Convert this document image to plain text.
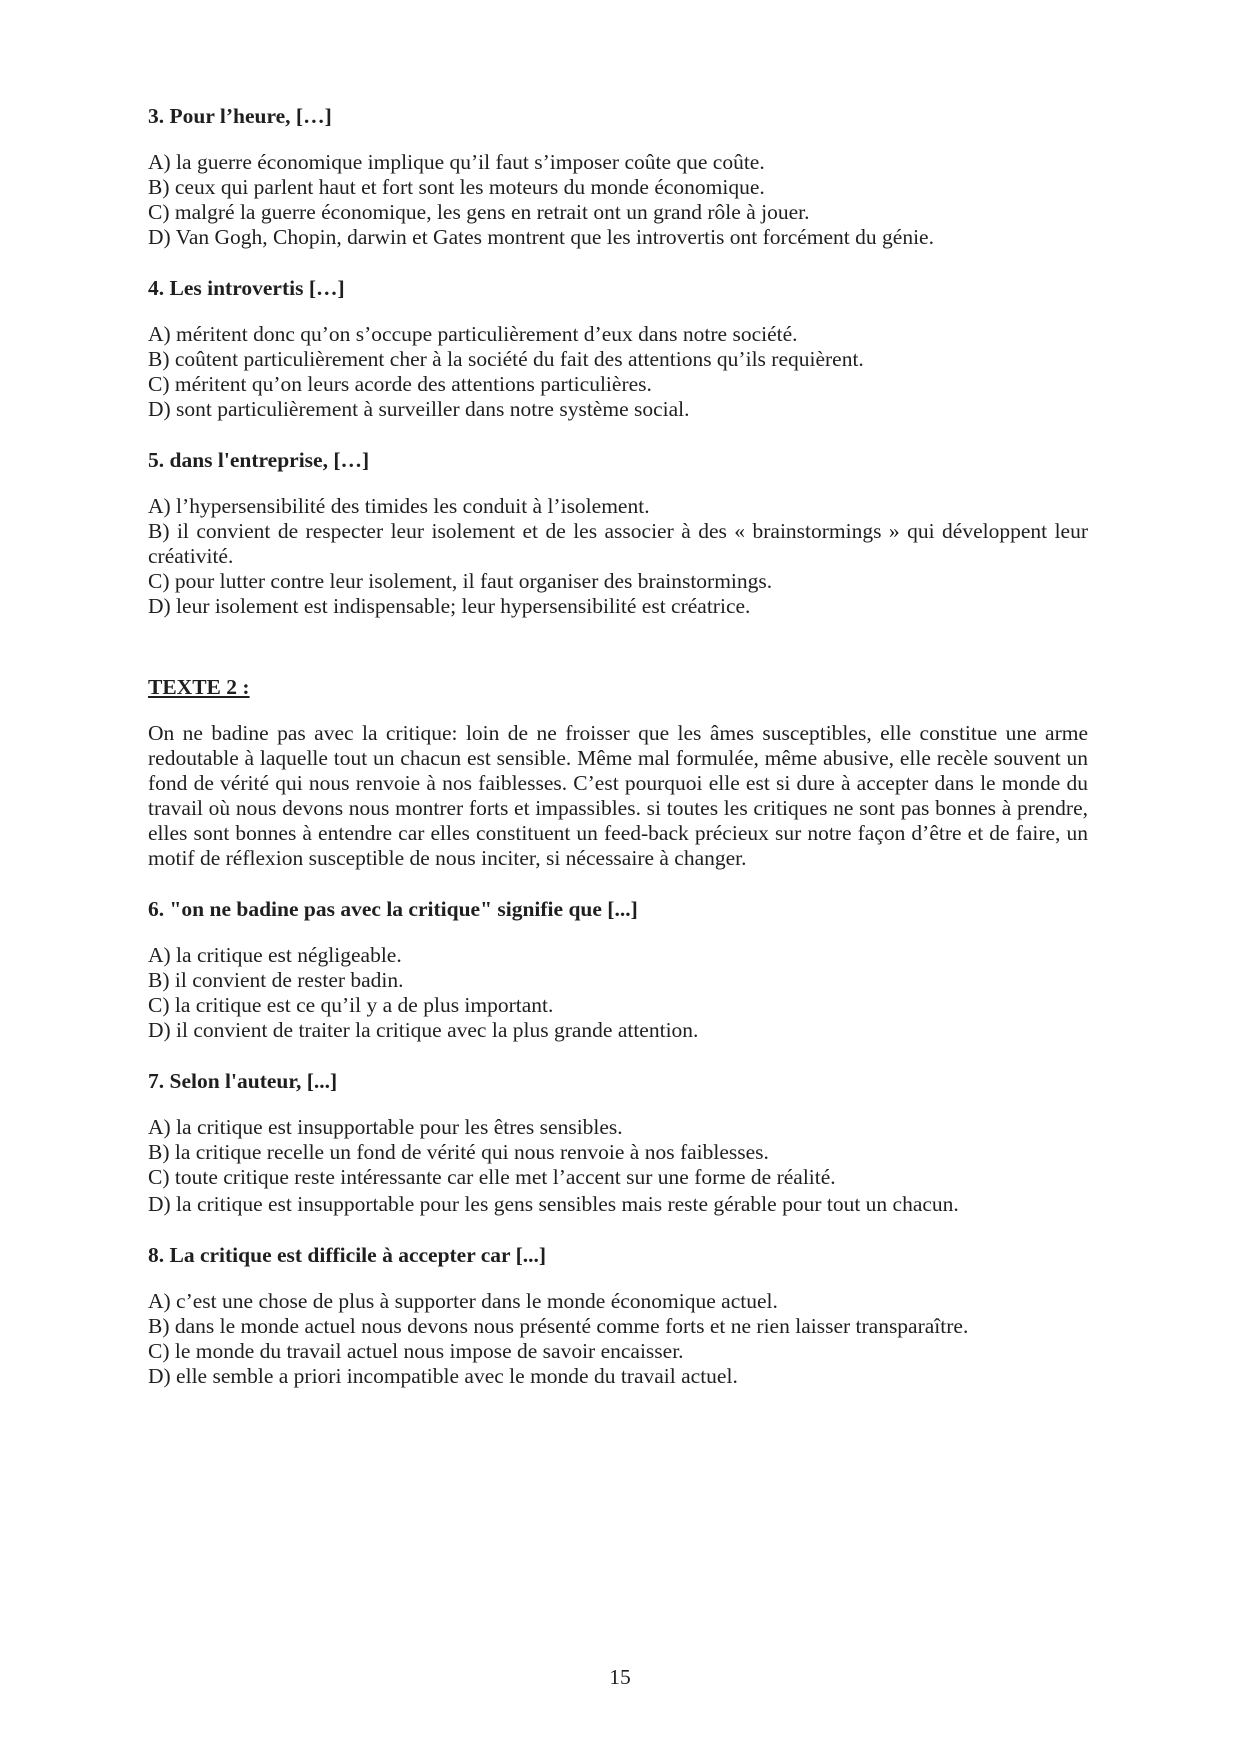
3. Pour l’heure, […]

A) la guerre économique implique qu’il faut s’imposer coûte que coûte.

B) ceux qui parlent haut et fort sont les moteurs du monde économique.

C) malgré la guerre économique, les gens en retrait ont un grand rôle à jouer.

D) Van Gogh, Chopin, darwin et Gates montrent que les introvertis ont forcément du génie.

4. Les introvertis […]

A) méritent donc qu’on s’occupe particulièrement d’eux dans notre société.

B) coûtent particulièrement cher à la société du fait des attentions qu’ils requièrent.

C) méritent qu’on leurs acorde des attentions particulières.

D) sont particulièrement à surveiller dans notre système social.

5. dans l'entreprise, […]

A) l’hypersensibilité des timides les conduit à l’isolement.

B) il convient de respecter leur isolement et de les associer à des « brainstormings » qui développent leur créativité.

C) pour lutter contre leur isolement, il faut organiser des brainstormings.

D) leur isolement est indispensable; leur hypersensibilité est créatrice.

TEXTE 2 :

On ne badine pas avec la critique: loin de ne froisser que les âmes susceptibles, elle constitue une arme redoutable à laquelle tout un chacun est sensible. Même mal formulée, même abusive, elle recèle souvent un fond de vérité qui nous renvoie à nos faiblesses. C’est pourquoi elle est si dure à accepter dans le monde du travail où nous devons nous montrer forts et impassibles. si toutes les critiques ne sont pas bonnes à prendre, elles sont bonnes à entendre car elles constituent un feed-back précieux sur notre façon d’être et de faire, un motif de réflexion susceptible de nous inciter, si nécessaire à changer.

6. "on ne badine pas avec la critique" signifie que [...]

A) la critique est négligeable.

B) il convient de rester badin.

C) la critique est ce qu’il y a de plus important.

D) il convient de traiter la critique avec la plus grande attention.

7. Selon l'auteur, [...]

A) la critique est insupportable pour les êtres sensibles.

B) la critique recelle un fond de vérité qui nous renvoie à nos faiblesses.

C) toute critique reste intéressante car elle met l’accent sur une forme de réalité.

D) la critique est insupportable pour les gens sensibles mais reste gérable pour tout un chacun.

8. La critique est difficile à accepter car [...]

A) c’est une chose de plus à supporter dans le monde économique actuel.

B) dans le monde actuel nous devons nous présenté comme forts et ne rien laisser transparaître.

C) le monde du travail actuel nous impose de savoir encaisser.

D) elle semble a priori incompatible avec le monde du travail actuel.

15
